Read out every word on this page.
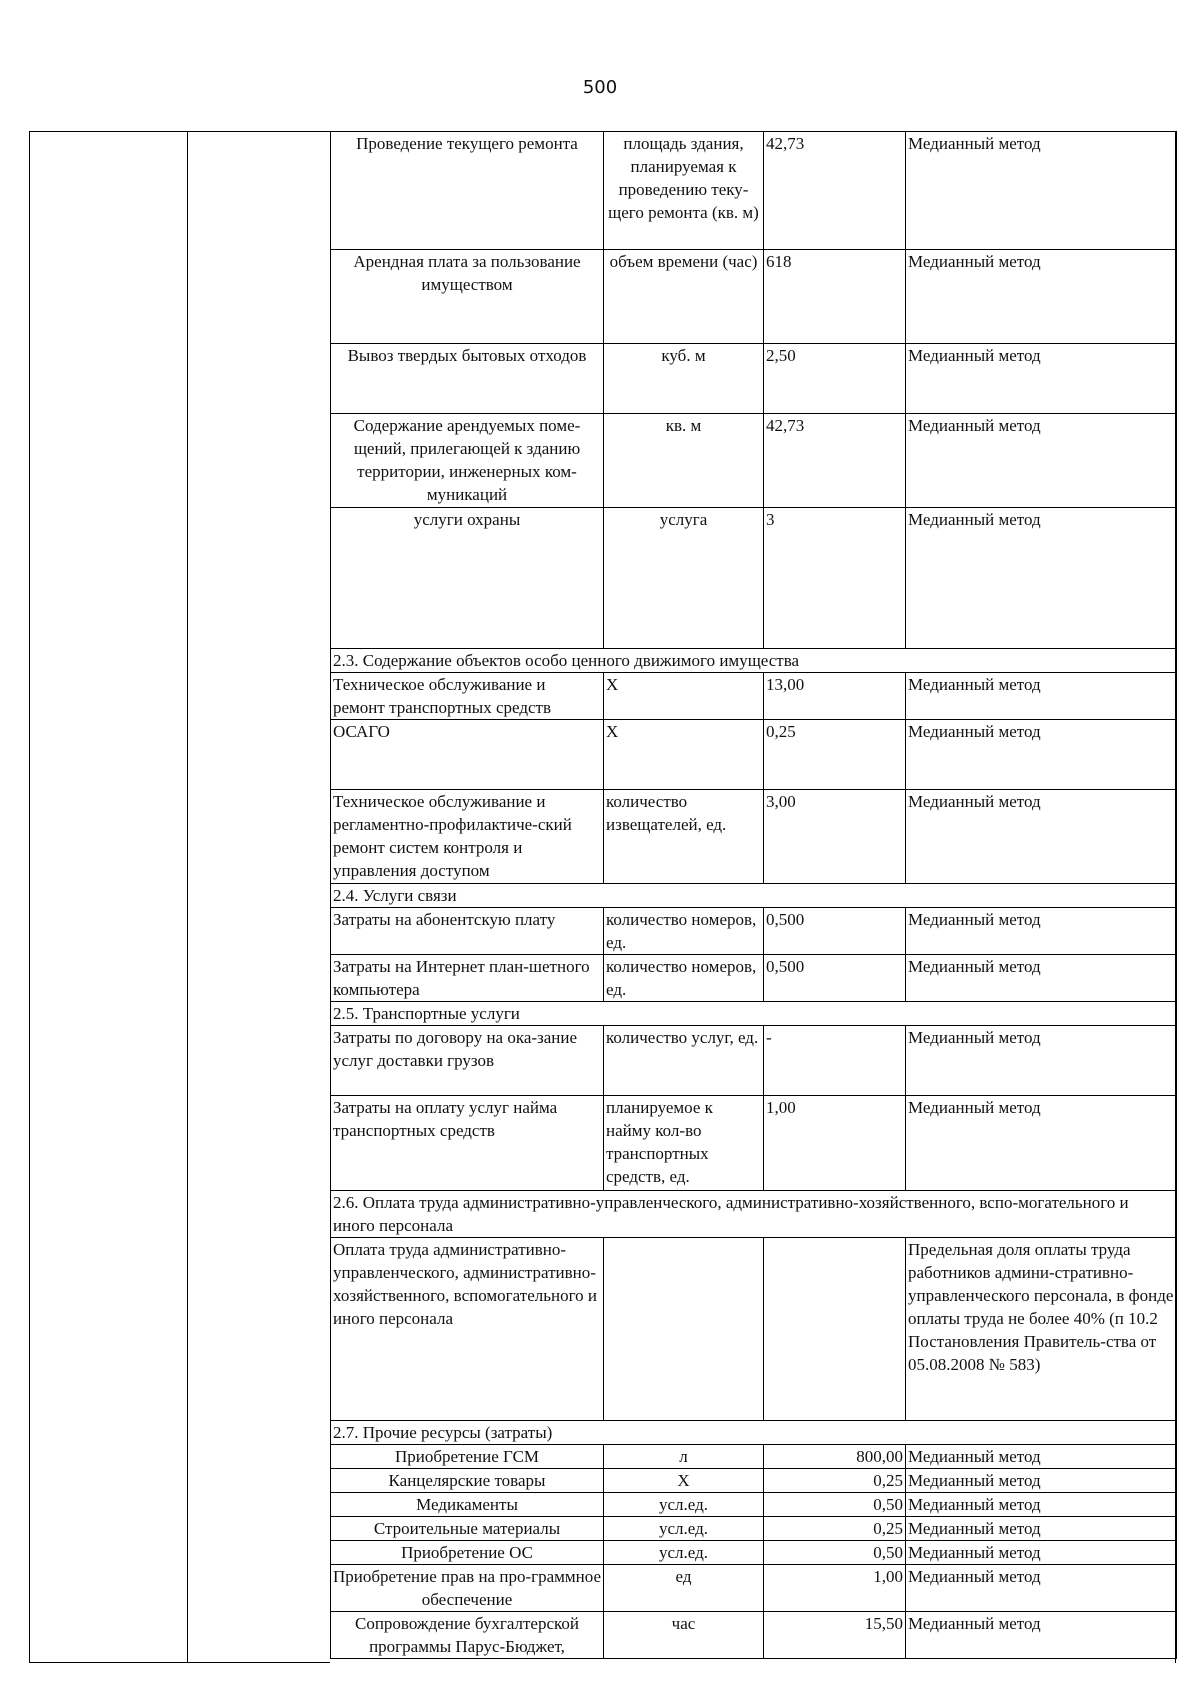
500
Проведение текущего ремонта	площадь здания, планируемая к проведению теку-щего ремонта (кв. м)	42,73	Медианный метод
Арендная плата за пользование имуществом	объем времени (час)	618	Медианный метод
Вывоз твердых бытовых отходов	куб. м	2,50	Медианный метод
Содержание арендуемых поме-щений, прилегающей к зданию территории, инженерных ком-муникаций	кв. м	42,73	Медианный метод
услуги охраны	услуга	3	Медианный метод
2.3. Содержание объектов особо ценного движимого имущества			
Техническое обслуживание и ремонт транспортных средств	Х	13,00	Медианный метод
ОСАГО	Х	0,25	Медианный метод
Техническое обслуживание и регламентно-профилактиче-ский ремонт систем контроля и управления доступом	количество извещателей, ед.	3,00	Медианный метод
2.4. Услуги связи			
Затраты на абонентскую плату	количество номеров, ед.	0,500	Медианный метод
Затраты на Интернет план-шетного компьютера	количество номеров, ед.	0,500	Медианный метод
2.5. Транспортные услуги			
Затраты по договору на ока-зание услуг доставки грузов	количество услуг, ед.	-	Медианный метод
Затраты на оплату услуг найма транспортных средств	планируемое к найму кол-во транспортных средств, ед.	1,00	Медианный метод
2.6. Оплата труда административно-управленческого, административно-хозяйственного, вспо-могательного и иного персонала			
Оплата труда административно-управленческого, административно-хозяйственного, вспомогательного и иного персонала			Предельная доля оплаты труда работников админи-стративно- управленческого персонала, в фонде оплаты труда не более 40% (п 10.2 Постановления Правитель-ства от 05.08.2008 № 583)
2.7. Прочие ресурсы (затраты)			
Приобретение ГСМ	л	800,00	Медианный метод
Канцелярские товары	Х	0,25	Медианный метод
Медикаменты	усл.ед.	0,50	Медианный метод
Строительные материалы	усл.ед.	0,25	Медианный метод
Приобретение ОС	усл.ед.	0,50	Медианный метод
Приобретение прав на про-граммное обеспечение	ед	1,00	Медианный метод
Сопровождение бухгалтерской программы Парус-Бюджет,	час	15,50	Медианный метод
